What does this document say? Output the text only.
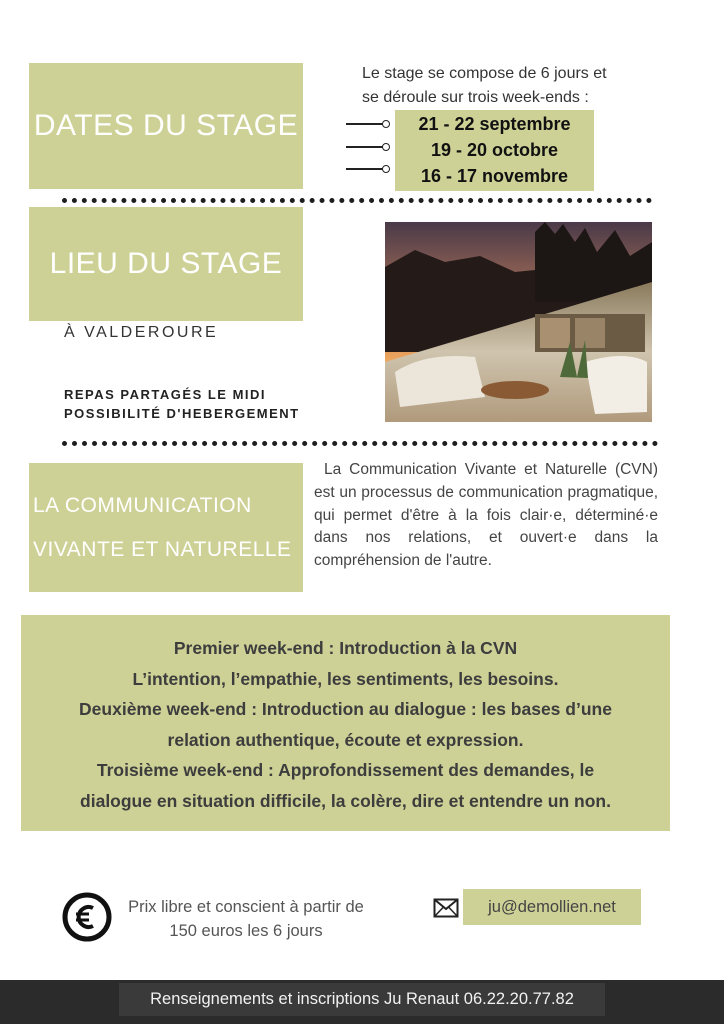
DATES DU STAGE
Le stage se compose de 6 jours et
se déroule sur trois week-ends :
21 - 22 septembre
19 - 20 octobre
16 - 17 novembre
LIEU DU STAGE
À VALDEROURE
REPAS PARTAGÉS LE MIDI
POSSIBILITÉ D'HEBERGEMENT
LA COMMUNICATION
VIVANTE ET NATURELLE
La Communication Vivante et Naturelle (CVN) est un processus de communication pragmatique, qui permet d'être à la fois clair·e, déterminé·e dans nos relations, et ouvert·e dans la compréhension de l'autre.
Premier week-end : Introduction à la CVN
L’intention, l’empathie, les sentiments, les besoins.
Deuxième week-end : Introduction au dialogue : les bases d’une
relation authentique, écoute et expression.
Troisième week-end : Approfondissement des demandes, le
dialogue en situation difficile, la colère, dire et entendre un non.
Prix libre et conscient à partir de
150 euros les 6 jours
ju@demollien.net
Renseignements et inscriptions Ju Renaut 06.22.20.77.82
